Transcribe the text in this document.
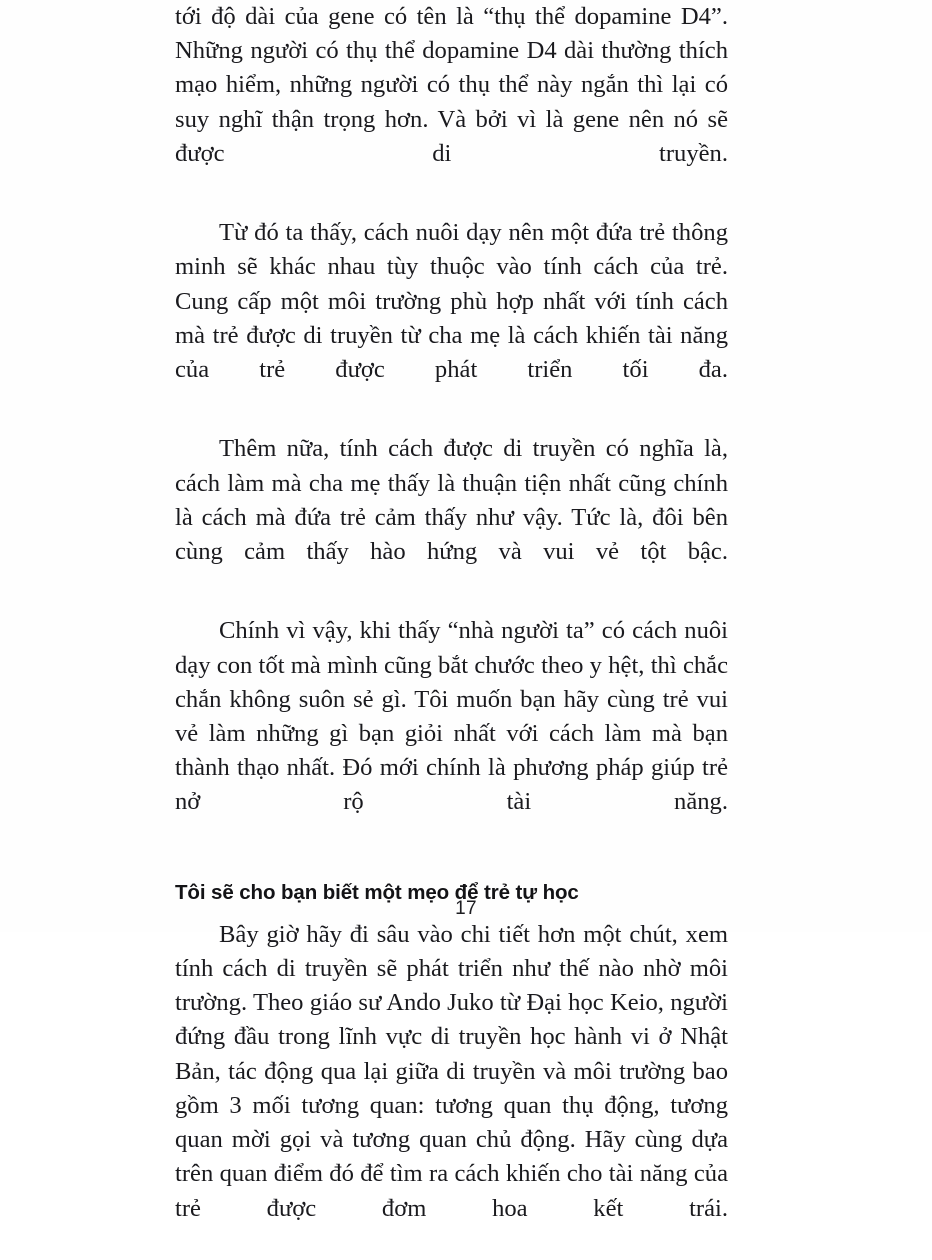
tới độ dài của gene có tên là “thụ thể dopamine D4”. Những người có thụ thể dopamine D4 dài thường thích mạo hiểm, những người có thụ thể này ngắn thì lại có suy nghĩ thận trọng hơn. Và bởi vì là gene nên nó sẽ được di truyền.

Từ đó ta thấy, cách nuôi dạy nên một đứa trẻ thông minh sẽ khác nhau tùy thuộc vào tính cách của trẻ. Cung cấp một môi trường phù hợp nhất với tính cách mà trẻ được di truyền từ cha mẹ là cách khiến tài năng của trẻ được phát triển tối đa.

Thêm nữa, tính cách được di truyền có nghĩa là, cách làm mà cha mẹ thấy là thuận tiện nhất cũng chính là cách mà đứa trẻ cảm thấy như vậy. Tức là, đôi bên cùng cảm thấy hào hứng và vui vẻ tột bậc.

Chính vì vậy, khi thấy “nhà người ta” có cách nuôi dạy con tốt mà mình cũng bắt chước theo y hệt, thì chắc chắn không suôn sẻ gì. Tôi muốn bạn hãy cùng trẻ vui vẻ làm những gì bạn giỏi nhất với cách làm mà bạn thành thạo nhất. Đó mới chính là phương pháp giúp trẻ nở rộ tài năng.

Tôi sẽ cho bạn biết một mẹo để trẻ tự học

Bây giờ hãy đi sâu vào chi tiết hơn một chút, xem tính cách di truyền sẽ phát triển như thế nào nhờ môi trường. Theo giáo sư Ando Juko từ Đại học Keio, người đứng đầu trong lĩnh vực di truyền học hành vi ở Nhật Bản, tác động qua lại giữa di truyền và môi trường bao gồm 3 mối tương quan: tương quan thụ động, tương quan mời gọi và tương quan chủ động. Hãy cùng dựa trên quan điểm đó để tìm ra cách khiến cho tài năng của trẻ được đơm hoa kết trái.

17
